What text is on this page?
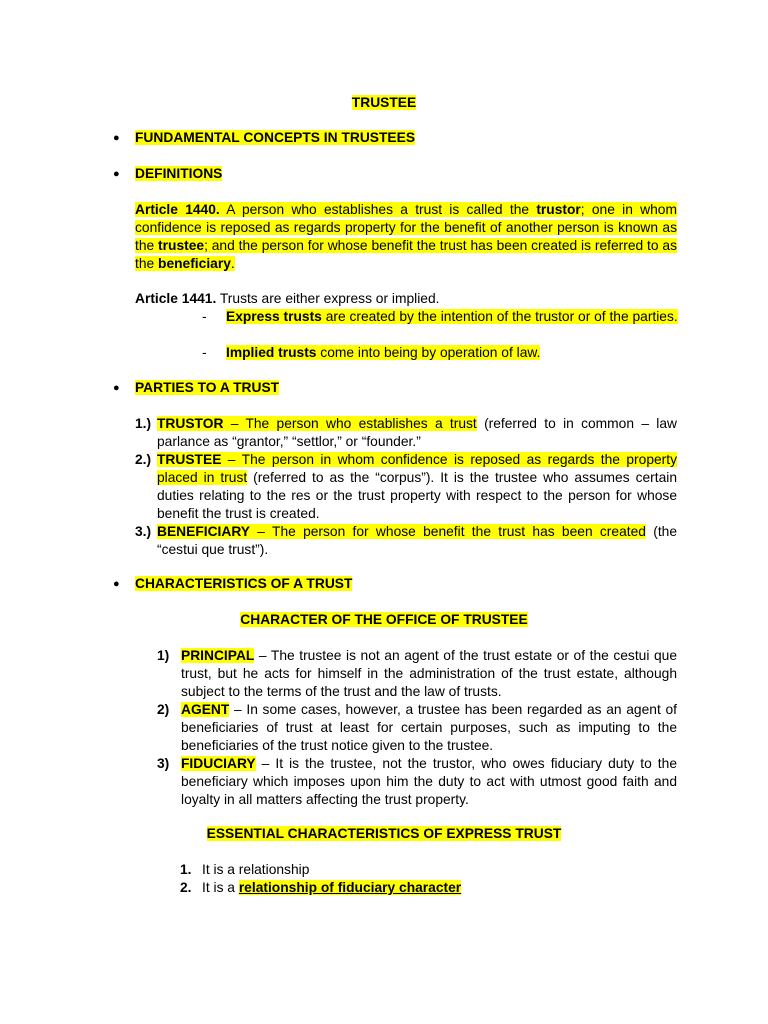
TRUSTEE
● FUNDAMENTAL CONCEPTS IN TRUSTEES
● DEFINITIONS
Article 1440. A person who establishes a trust is called the trustor; one in whom confidence is reposed as regards property for the benefit of another person is known as the trustee; and the person for whose benefit the trust has been created is referred to as the beneficiary.
Article 1441. Trusts are either express or implied.
- Express trusts are created by the intention of the trustor or of the parties.
- Implied trusts come into being by operation of law.
● PARTIES TO A TRUST
1.) TRUSTOR – The person who establishes a trust (referred to in common – law parlance as “grantor,” “settlor,” or “founder.”
2.) TRUSTEE – The person in whom confidence is reposed as regards the property placed in trust (referred to as the “corpus”). It is the trustee who assumes certain duties relating to the res or the trust property with respect to the person for whose benefit the trust is created.
3.) BENEFICIARY – The person for whose benefit the trust has been created (the “cestui que trust”).
● CHARACTERISTICS OF A TRUST
CHARACTER OF THE OFFICE OF TRUSTEE
1) PRINCIPAL – The trustee is not an agent of the trust estate or of the cestui que trust, but he acts for himself in the administration of the trust estate, although subject to the terms of the trust and the law of trusts.
2) AGENT – In some cases, however, a trustee has been regarded as an agent of beneficiaries of trust at least for certain purposes, such as imputing to the beneficiaries of the trust notice given to the trustee.
3) FIDUCIARY – It is the trustee, not the trustor, who owes fiduciary duty to the beneficiary which imposes upon him the duty to act with utmost good faith and loyalty in all matters affecting the trust property.
ESSENTIAL CHARACTERISTICS OF EXPRESS TRUST
1. It is a relationship
2. It is a relationship of fiduciary character
